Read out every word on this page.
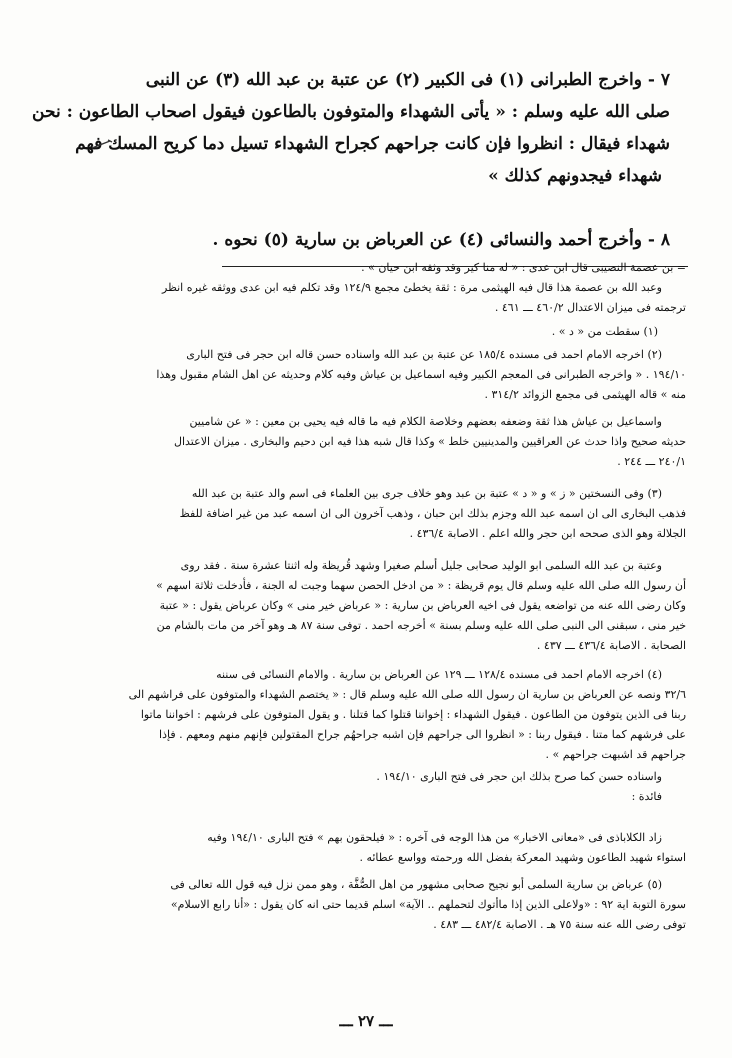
٧ - واخرج الطبرانى (١) فى الكبير (٢) عن عتبة بن عبد الله (٣) عن النبى

صلى الله عليه وسلم : « يأتى الشهداء والمتوفون بالطاعون فيقول اصحاب الطاعون : نحن

شهداء فيقال : انظروا فإن كانت جراحهم كجراح الشهداء تسيل دما كريح المسك فهم

شهداء فيجدونهم كذلك »

٨ - وأخرج أحمد والنسائى (٤) عن العرباض بن سارية (٥) نحوه .
= بن عصمة النصيبى قال ابن عدى : « له منا كير وقد وثقه ابن حيان » .
وعبد الله بن عصمة هذا قال فيه الهيثمى مرة : ثقة يخطئ مجمع ١٢٤/٩ وقد تكلم فيه ابن عدى ووثقه غيره انظر
ترجمته فى ميزان الاعتدال ٤٦٠/٢ ـــ ٤٦١ .
(١) سقطت من « د » .
(٢) اخرجه الامام احمد فى مسنده ١٨٥/٤ عن عتبة بن عبد الله واسناده حسن قاله ابن حجر فى فتح البارى
١٩٤/١٠ . « واخرجه الطبرانى فى المعجم الكبير وفيه اسماعيل بن عياش وفيه كلام وحديثه عن اهل الشام مقبول وهذا
منه » قاله الهيثمى فى مجمع الزوائد ٣١٤/٢ .
واسماعيل بن عياش هذا ثقة وضعفه بعضهم وخلاصة الكلام فيه ما قاله فيه يحيى بن معين : « عن شاميين
حديثه صحيح واذا حدث عن العراقيين والمدينيين خلط » وكذا قال شبه هذا فيه ابن دحيم والبخارى . ميزان الاعتدال
٢٤٠/١ ـــ ٢٤٤ .
(٣) وفى النسختين « ز » و « د » عتبة بن عبد وهو خلاف جرى بين العلماء فى اسم والد عتبة بن عبد الله
فذهب البخارى الى ان اسمه عبد الله وجزم بذلك ابن حبان ، وذهب آخرون الى ان اسمه عبد من غير اضافة للفظ
الجلالة وهو الذى صححه ابن حجر والله اعلم . الاصابة ٤٣٦/٤ .
وعتبة بن عبد الله السلمى ابو الوليد صحابى جليل أسلم صغيرا وشهد قُريظة وله اثنتا عشرة سنة . فقد روى
أن رسول الله صلى الله عليه وسلم قال يوم قريظة : « من ادخل الحصن سهما وجبت له الجنة ، فأدخلت ثلاثة اسهم »
وكان رضى الله عنه من تواضعه يقول فى اخيه العرباض بن سارية : « عرباض خير منى » وكان عرباض يقول : « عتبة
خير منى ، سبقنى الى النبى صلى الله عليه وسلم بسنة » أخرجه احمد . توفى سنة ٨٧ هـ وهو آخر من مات بالشام من
الصحابة . الاصابة ٤٣٦/٤ ـــ ٤٣٧ .
(٤) اخرجه الامام احمد فى مسنده ١٢٨/٤ ـــ ١٢٩ عن العرباض بن سارية . والامام النسائى فى سننه
٣٢/٦ ونصه عن العرباض بن سارية ان رسول الله صلى الله عليه وسلم قال : « يختصم الشهداء والمتوفون على فراشهم الى
ربنا فى الذين يتوفون من الطاعون . فيقول الشهداء : إخواننا قتلوا كما قتلنا . و يقول المتوفون على فرشهم : اخواننا ماتوا
على فرشهم كما متنا . فيقول ربنا : « انظروا الى جراحهم فإن اشبه جراحهُم جراح المقتولين فإنهم منهم ومعهم . فإذا
جراحهم قد اشبهت جراحهم » .
واسناده حسن كما صرح بذلك ابن حجر فى فتح البارى ١٩٤/١٠ .
فائدة :
زاد الكلاباذى فى «معانى الاخبار» من هذا الوجه فى آخره : « فيلحقون بهم » فتح البارى ١٩٤/١٠ وفيه
استواء شهيد الطاعون وشهيد المعركة بفضل الله ورحمته وواسع عطائه .
(٥) عرباض بن سارية السلمى أبو نجيح صحابى مشهور من اهل الصُّفَّة ، وهو ممن نزل فيه قول الله تعالى فى
سورة التوبة اية ٩٢ : «ولاعلى الذين إذا ماأتوك لتحملهم .. الآية» اسلم قديما حتى انه كان يقول : «أنا رابع الاسلام»
توفى رضى الله عنه سنة ٧٥ هـ . الاصابة ٤٨٢/٤ ـــ ٤٨٣ .
ـــ ٢٧ ـــ
